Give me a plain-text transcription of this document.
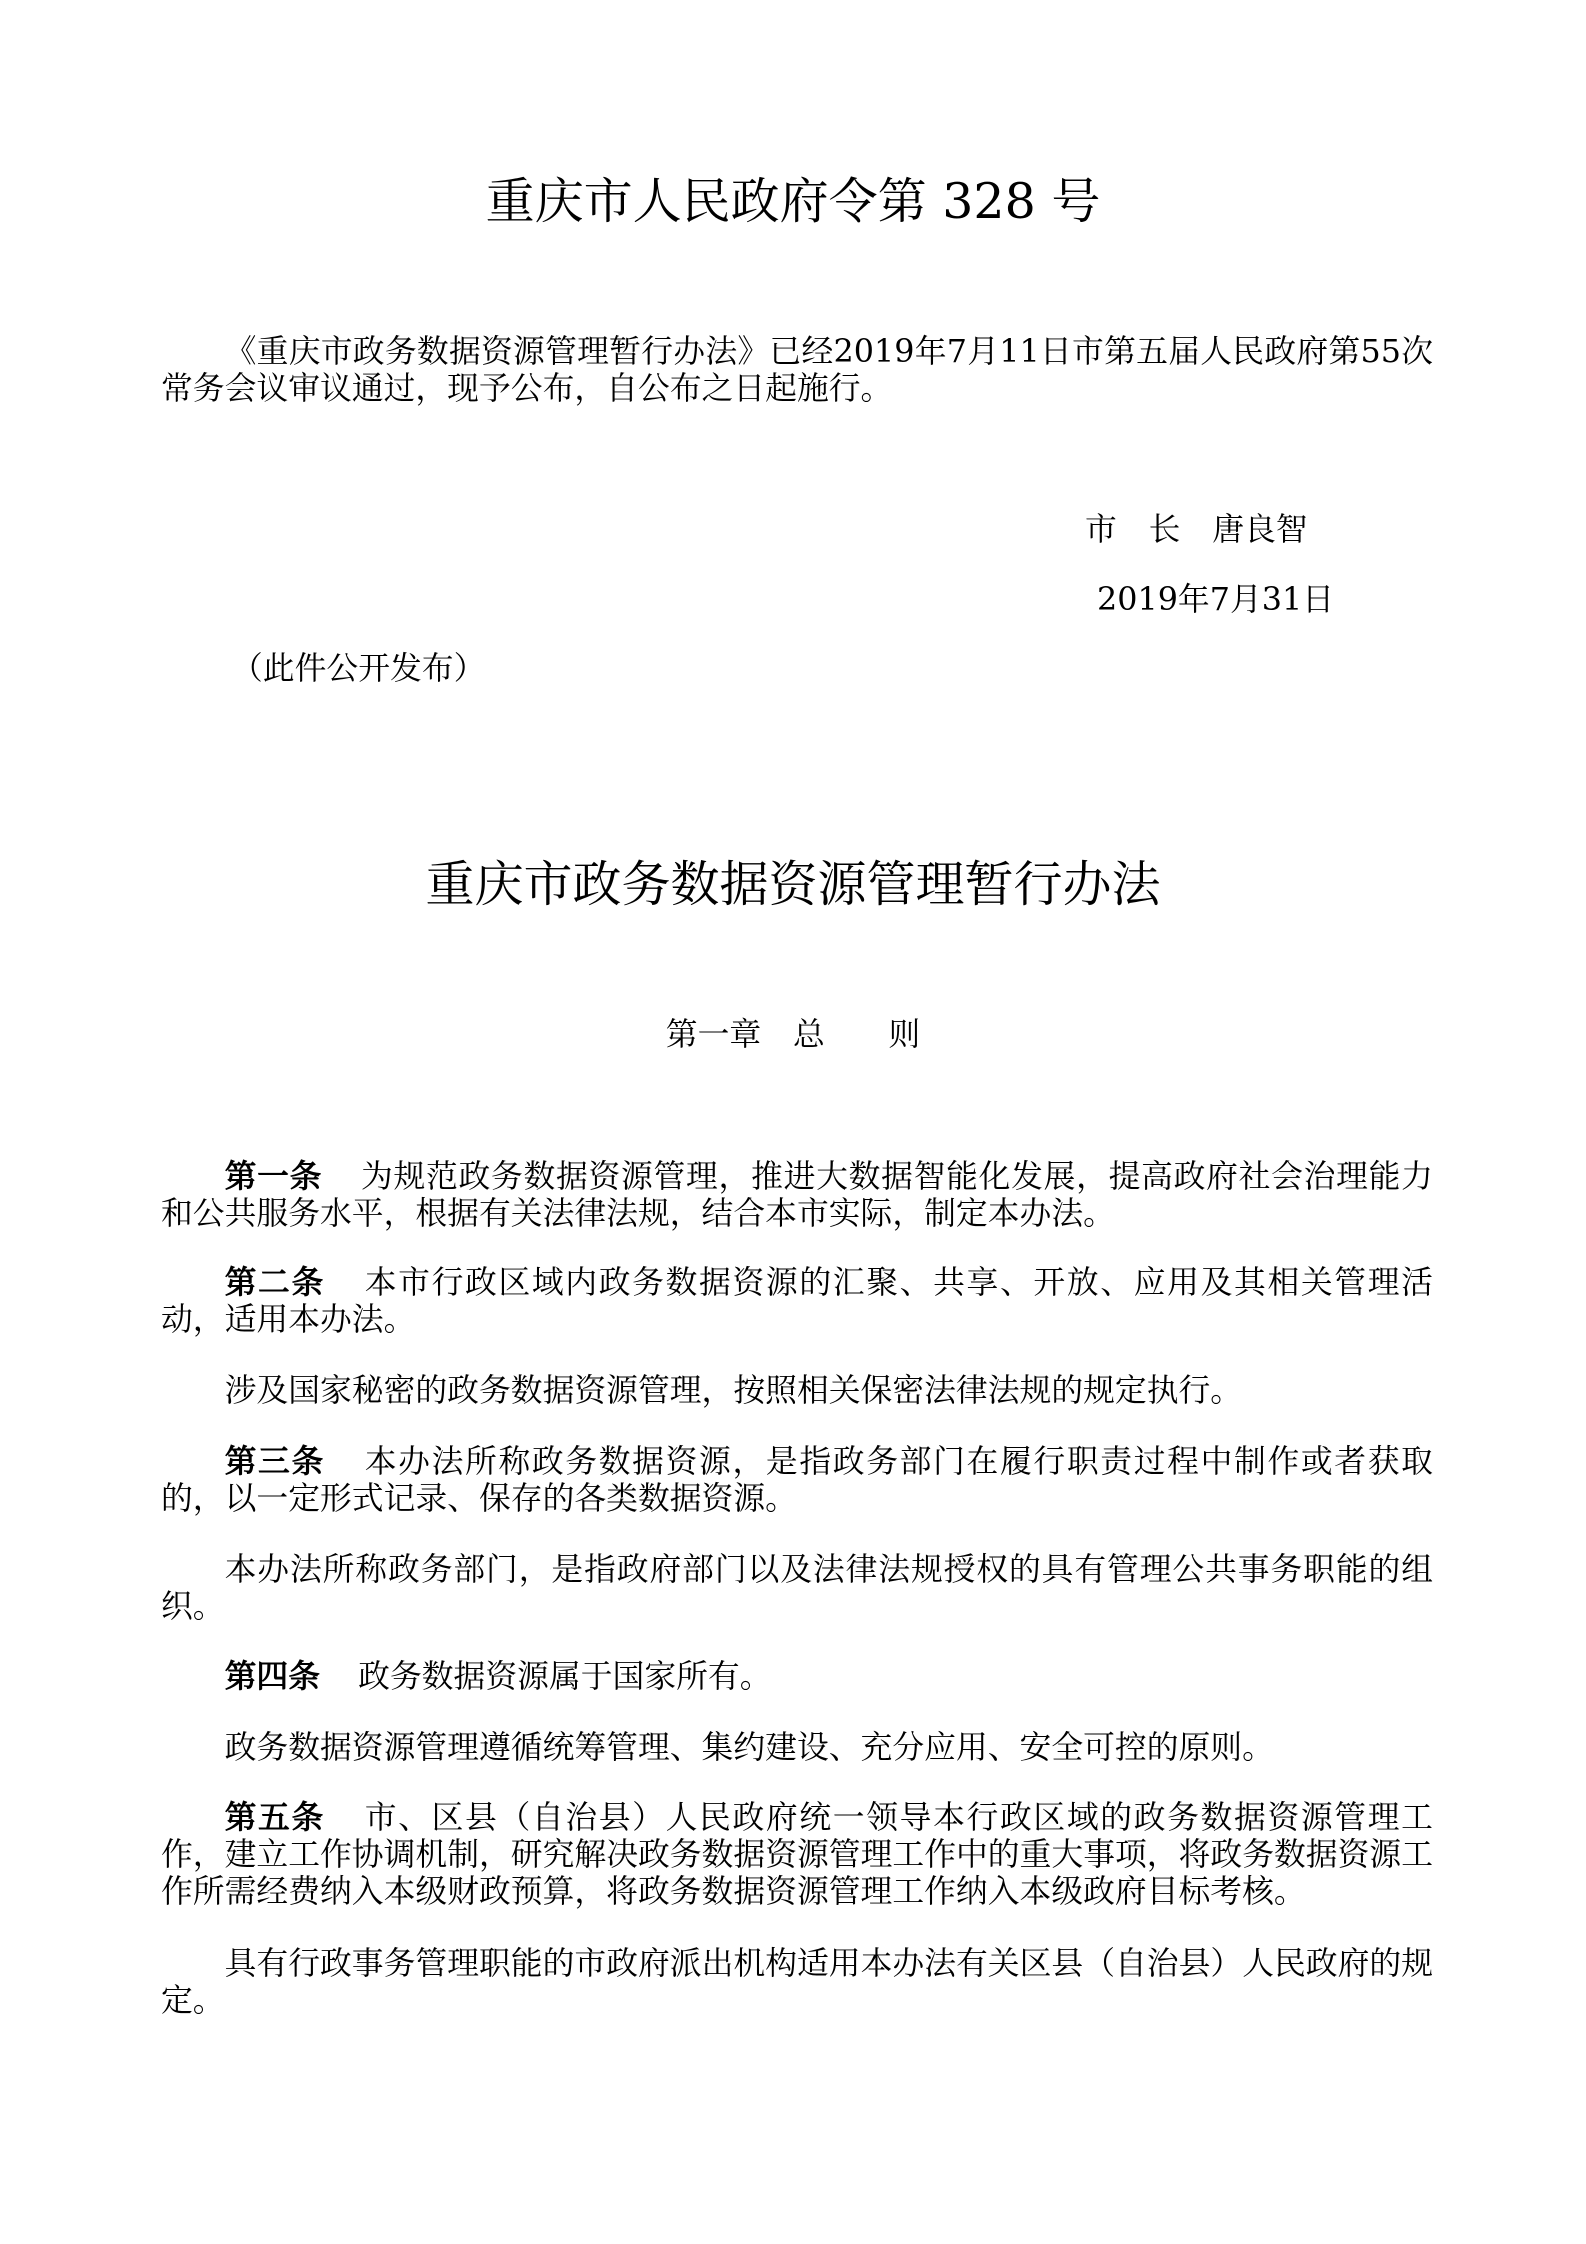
重庆市人民政府令第 328 号

《重庆市政务数据资源管理暂行办法》已经2019年7月11日市第五届人民政府第55次常务会议审议通过，现予公布，自公布之日起施行。

市　长　唐良智
2019年7月31日
（此件公开发布）
重庆市政务数据资源管理暂行办法
第一章　总　　则

第一条 为规范政务数据资源管理，推进大数据智能化发展，提高政府社会治理能力和公共服务水平，根据有关法律法规，结合本市实际，制定本办法。

第二条 本市行政区域内政务数据资源的汇聚、共享、开放、应用及其相关管理活动，适用本办法。

涉及国家秘密的政务数据资源管理，按照相关保密法律法规的规定执行。

第三条 本办法所称政务数据资源，是指政务部门在履行职责过程中制作或者获取的，以一定形式记录、保存的各类数据资源。

本办法所称政务部门，是指政府部门以及法律法规授权的具有管理公共事务职能的组织。

第四条 政务数据资源属于国家所有。

政务数据资源管理遵循统筹管理、集约建设、充分应用、安全可控的原则。

第五条 市、区县（自治县）人民政府统一领导本行政区域的政务数据资源管理工作，建立工作协调机制，研究解决政务数据资源管理工作中的重大事项，将政务数据资源工作所需经费纳入本级财政预算，将政务数据资源管理工作纳入本级政府目标考核。

具有行政事务管理职能的市政府派出机构适用本办法有关区县（自治县）人民政府的规定。
